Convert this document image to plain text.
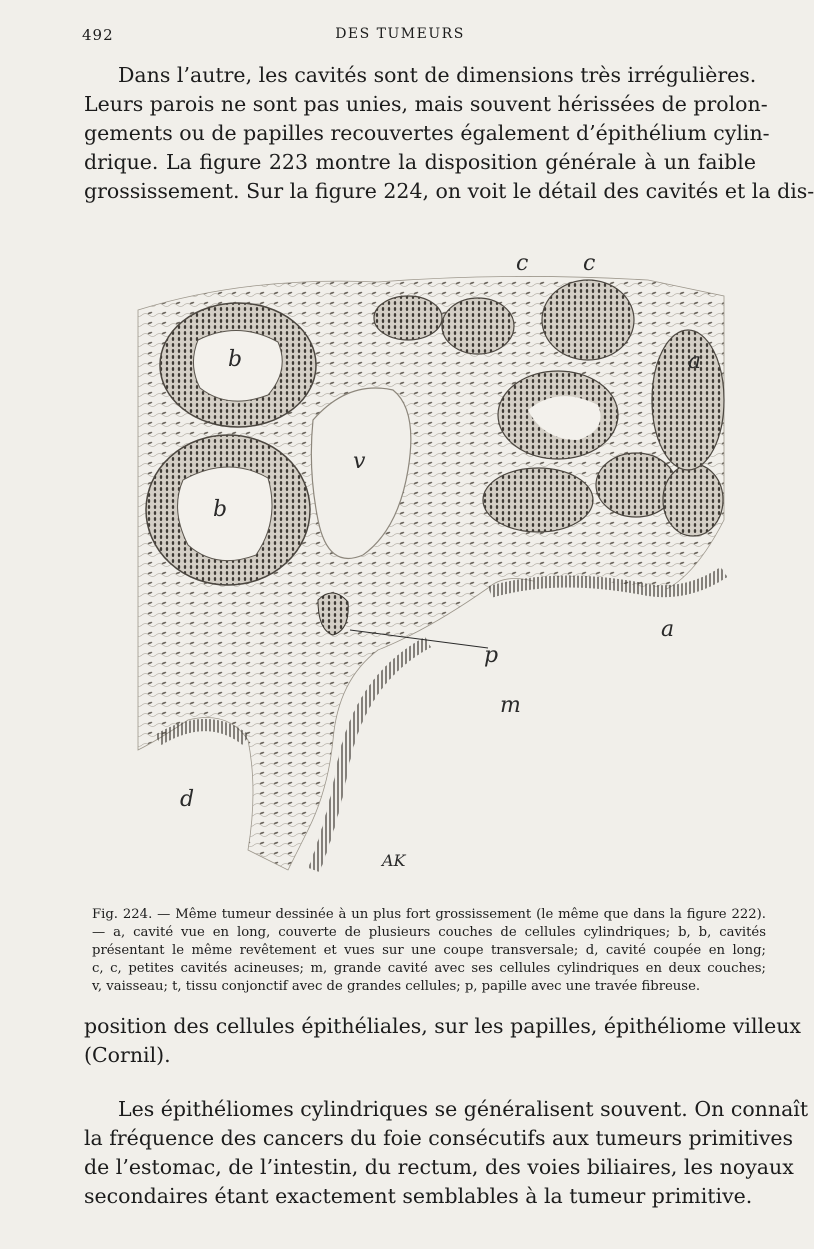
492	DES TUMEURS

Dans l’autre, les cavités sont de dimensions très irrégulières.
Leurs parois ne sont pas unies, mais souvent hérissées de prolon-
gements ou de papilles recouvertes également d’épithélium cylin-
drique. La figure 223 montre la disposition générale à un faible
grossissement. Sur la figure 224, on voit le détail des cavités et la dis-

c c
a
b
v
b
a
p
m
d
AK

Fig. 224. — Même tumeur dessinée à un plus fort grossissement (le même que dans la figure 222).
— a, cavité vue en long, couverte de plusieurs couches de cellules cylindriques; b, b, cavités
présentant le même revêtement et vues sur une coupe transversale; d, cavité coupée en long;
c, c, petites cavités acineuses; m, grande cavité avec ses cellules cylindriques en deux couches;
v, vaisseau; t, tissu conjonctif avec de grandes cellules; p, papille avec une travée fibreuse.

position des cellules épithéliales, sur les papilles, épithéliome villeux
(Cornil).

Les épithéliomes cylindriques se généralisent souvent. On connaît
la fréquence des cancers du foie consécutifs aux tumeurs primitives
de l’estomac, de l’intestin, du rectum, des voies biliaires, les noyaux
secondaires étant exactement semblables à la tumeur primitive.
